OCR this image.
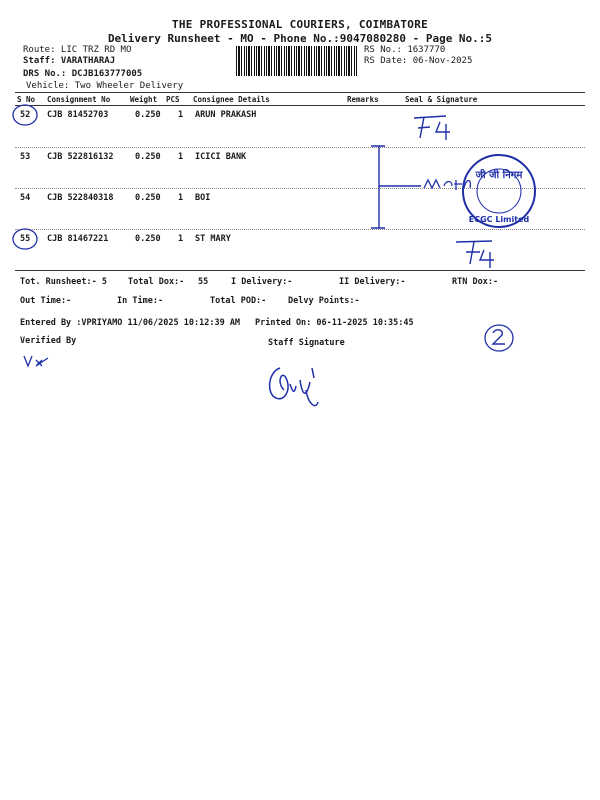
THE PROFESSIONAL COURIERS, COIMBATORE
Delivery Runsheet - MO - Phone No.:9047080280 - Page No.:5
Route: LIC TRZ RD MO
Staff: VARATHARAJ
DRS No.: DCJB163777005
Vehicle: Two Wheeler Delivery
RS No.: 1637770
RS Date: 06-Nov-2025
S No Consignment No	Weight PCS Consignee Details	Remarks	Seal & Signature
52 CJB 81452703	0.250 1 ARUN PRAKASH
53 CJB 522816132	0.250 1 ICICI BANK
54 CJB 522840318	0.250 1 BOI
55 CJB 81467221	0.250 1 ST MARY
Tot. Runsheet:- 5 Total Dox:- 55	I Delivery:-	II Delivery:-	RTN Dox:-
Out Time:-	In Time:-	Total POD:-	Delvy Points:-
Entered By :VPRIYAMO 11/06/2025 10:12:39 AM Printed On: 06-11-2025 10:35:45
Verified By	Staff Signature
जी जी निगम
ECGC Limited
